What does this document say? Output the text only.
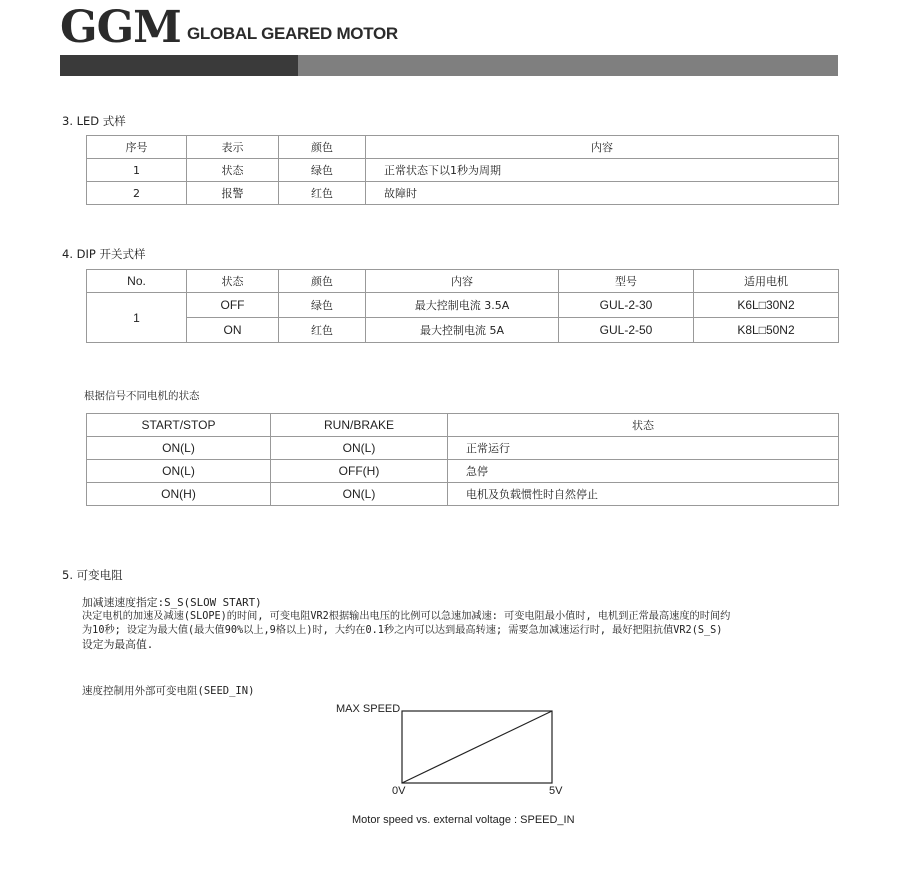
GGM GLOBAL GEARED MOTOR
3. LED 式样
序号	表示	颜色	内容
1	状态	绿色	正常状态下以1秒为周期
2	报警	红色	故障时
4. DIP 开关式样
No.	状态	颜色	内容	型号	适用电机
1	OFF	绿色	最大控制电流 3.5A	GUL-2-30	K6L□30N2
	ON	红色	最大控制电流 5A	GUL-2-50	K8L□50N2
根据信号不同电机的状态
START/STOP	RUN/BRAKE	状态
ON(L)	ON(L)	正常运行
ON(L)	OFF(H)	急停
ON(H)	ON(L)	电机及负载惯性时自然停止
5. 可变电阻
加减速速度指定:S_S(SLOW START)
决定电机的加速及减速(SLOPE)的时间, 可变电阻VR2根据输出电压的比例可以急速加减速: 可变电阻最小值时, 电机到正常最高速度的时间约
为10秒; 设定为最大值(最大值90%以上,9格以上)时, 大约在0.1秒之内可以达到最高转速; 需要急加减速运行时, 最好把阻抗值VR2(S_S)
设定为最高值.
速度控制用外部可变电阻(SEED_IN)
MAX SPEED
0V	5V
Motor speed vs. external voltage : SPEED_IN
